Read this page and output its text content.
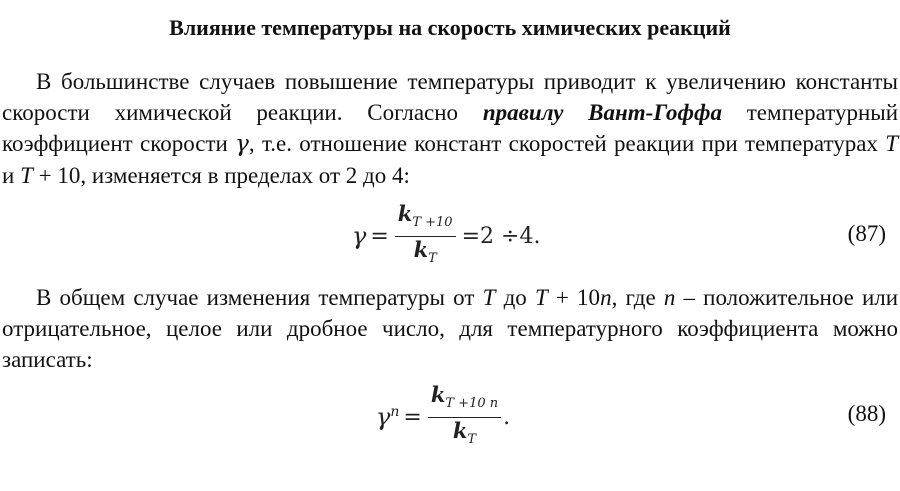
Влияние температуры на скорость химических реакций
В большинстве случаев повышение температуры приводит к увеличению константы скорости химической реакции. Согласно правилу Вант-Гоффа температурный коэффициент скорости γ, т.е. отношение констант скоростей реакции при температурах T и T + 10, изменяется в пределах от 2 до 4:
$\gamma = \frac{k_{T +10}}{k_T} =2 \div 4$ .	(87)
В общем случае изменения температуры от T до T + 10n, где n – положительное или отрицательное, целое или дробное число, для температурного коэффициента можно записать:
$\gamma^n = \frac{k_{T +10 n}}{k_T}$ .	(88)
